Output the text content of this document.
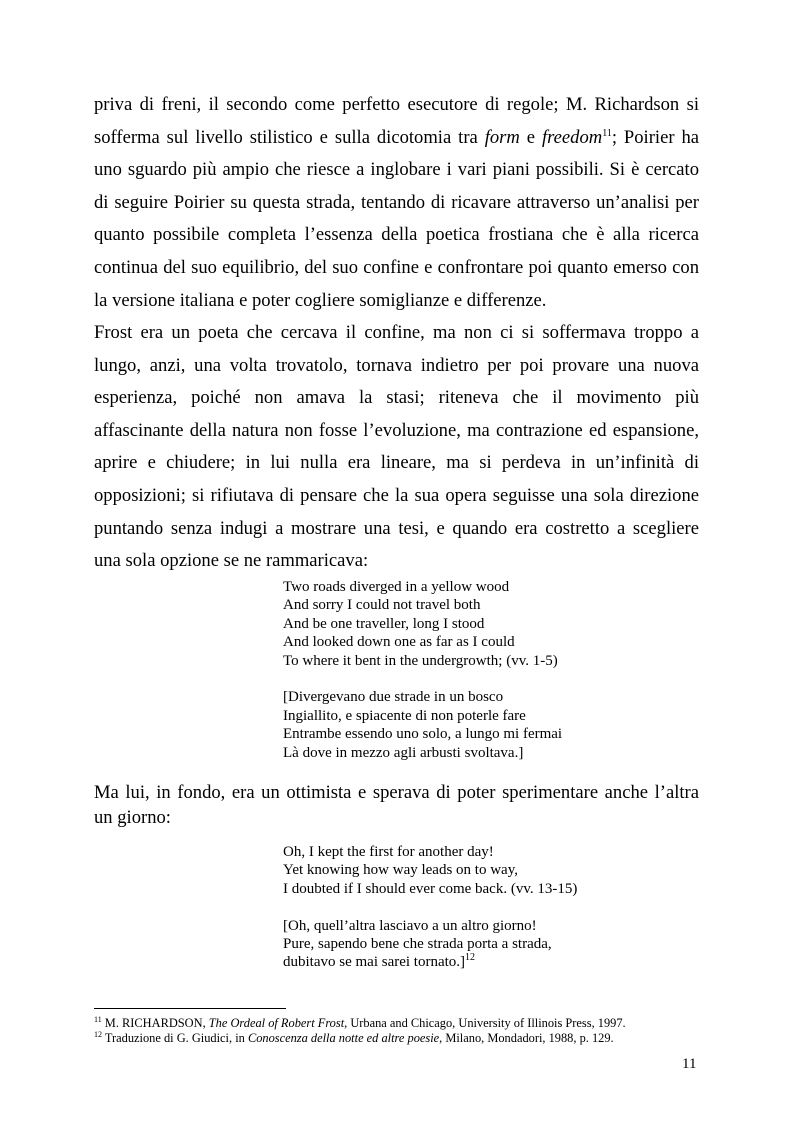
priva di freni, il secondo come perfetto esecutore di regole; M. Richardson si
sofferma sul livello stilistico e sulla dicotomia tra form e freedom$^{11}$; Poirier ha
uno sguardo più ampio che riesce a inglobare i vari piani possibili. Si è cercato
di seguire Poirier su questa strada, tentando di ricavare attraverso un’analisi per
quanto possibile completa l’essenza della poetica frostiana che è alla ricerca
continua del suo equilibrio, del suo confine e confrontare poi quanto emerso con
la versione italiana e poter cogliere somiglianze e differenze.
Frost era un poeta che cercava il confine, ma non ci si soffermava troppo a
lungo, anzi, una volta trovatolo, tornava indietro per poi provare una nuova
esperienza, poiché non amava la stasi; riteneva che il movimento più
affascinante della natura non fosse l’evoluzione, ma contrazione ed espansione,
aprire e chiudere; in lui nulla era lineare, ma si perdeva in un’infinità di
opposizioni; si rifiutava di pensare che la sua opera seguisse una sola direzione
puntando senza indugi a mostrare una tesi, e quando era costretto a scegliere
una sola opzione se ne rammaricava:
Two roads diverged in a yellow wood
And sorry I could not travel both
And be one traveller, long I stood
And looked down one as far as I could
To where it bent in the undergrowth; (vv. 1-5)
[Divergevano due strade in un bosco
Ingiallito, e spiacente di non poterle fare
Entrambe essendo uno solo, a lungo mi fermai
Là dove in mezzo agli arbusti svoltava.]
Ma lui, in fondo, era un ottimista e sperava di poter sperimentare anche l’altra
un giorno:
Oh, I kept the first for another day!
Yet knowing how way leads on to way,
I doubted if I should ever come back. (vv. 13-15)
[Oh, quell’altra lasciavo a un altro giorno!
Pure, sapendo bene che strada porta a strada,
dubitavo se mai sarei tornato.]$^{12}$
$^{11}$ M. RICHARDSON, The Ordeal of Robert Frost, Urbana and Chicago, University of Illinois Press, 1997.
$^{12}$ Traduzione di G. Giudici, in Conoscenza della notte ed altre poesie, Milano, Mondadori, 1988, p. 129.
11
